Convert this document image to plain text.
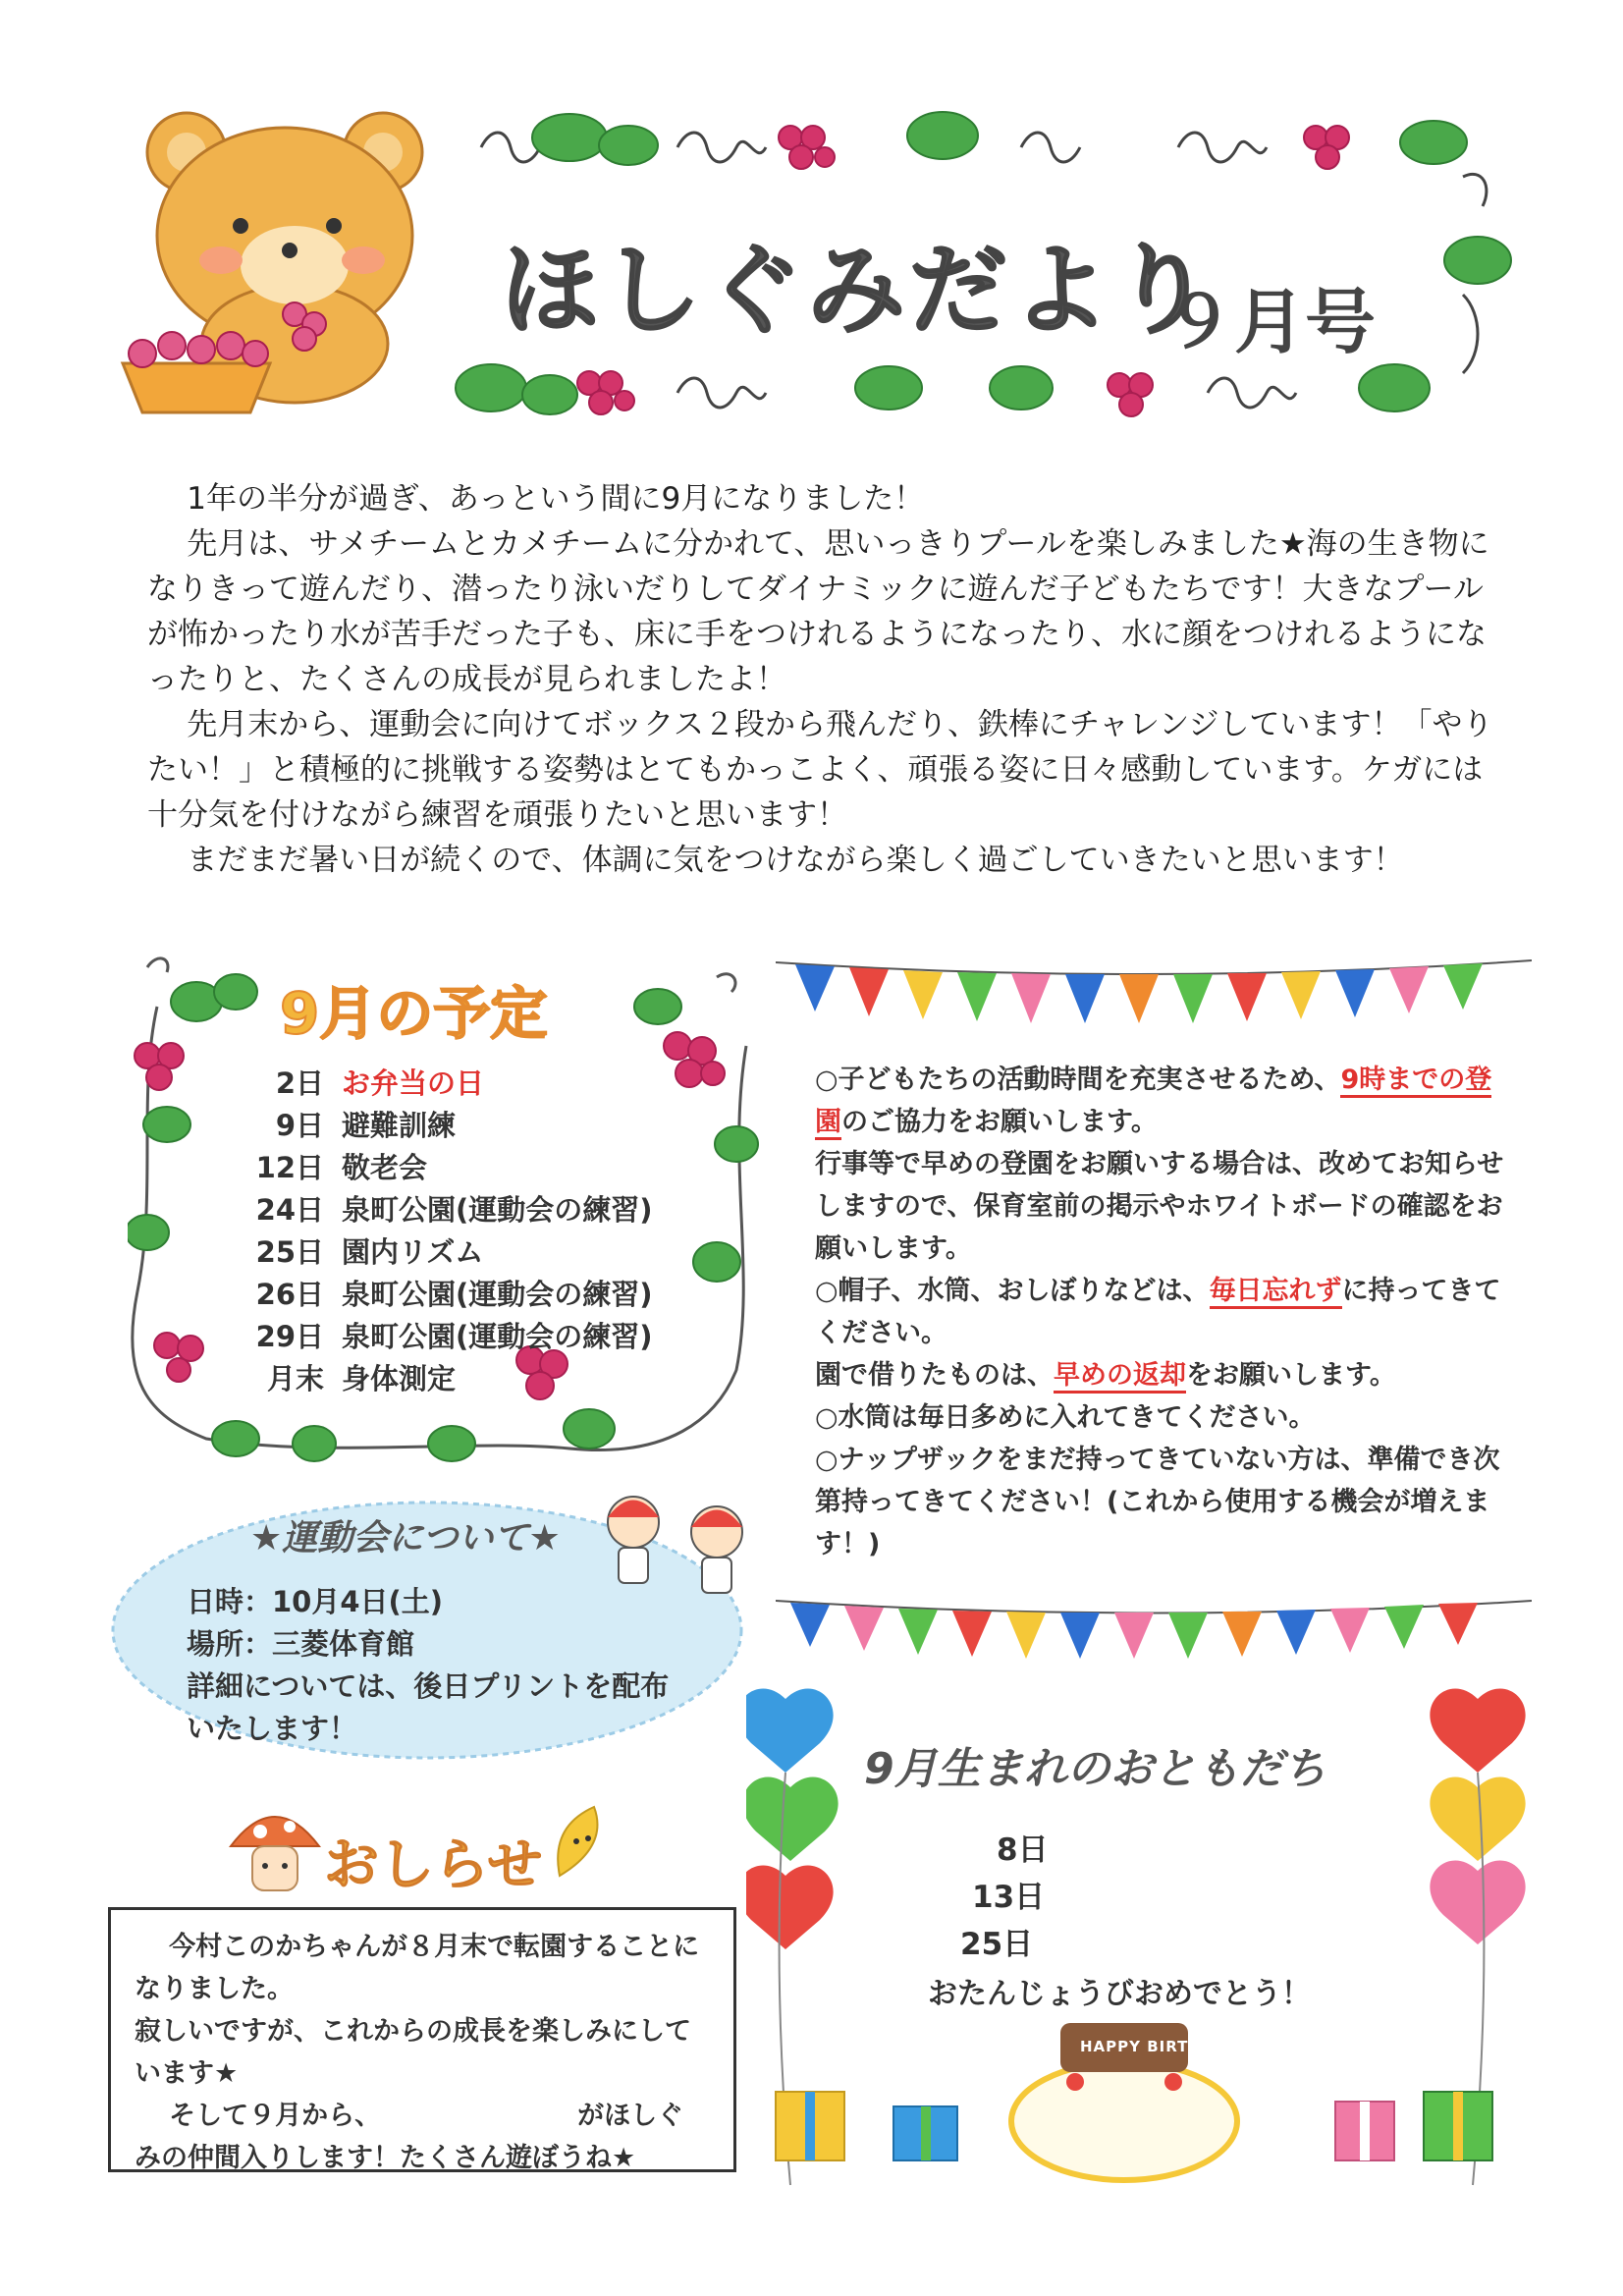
ほしぐみだより
９月号

1年の半分が過ぎ、あっという間に9月になりました！

先月は、サメチームとカメチームに分かれて、思いっきりプールを楽しみました★海の生き物になりきって遊んだり、潜ったり泳いだりしてダイナミックに遊んだ子どもたちです！大きなプールが怖かったり水が苦手だった子も、床に手をつけれるようになったり、水に顔をつけれるようになったりと、たくさんの成長が見られましたよ！

先月末から、運動会に向けてボックス２段から飛んだり、鉄棒にチャレンジしています！「やりたい！」と積極的に挑戦する姿勢はとてもかっこよく、頑張る姿に日々感動しています。ケガには十分気を付けながら練習を頑張りたいと思います！

まだまだ暑い日が続くので、体調に気をつけながら楽しく過ごしていきたいと思います！

9月の予定
2日 お弁当の日
9日 避難訓練
12日 敬老会
24日 泉町公園(運動会の練習)
25日 園内リズム
26日 泉町公園(運動会の練習)
29日 泉町公園(運動会の練習)
月末 身体測定

○子どもたちの活動時間を充実させるため、9時までの登園のご協力をお願いします。

行事等で早めの登園をお願いする場合は、改めてお知らせしますので、保育室前の掲示やホワイトボードの確認をお願いします。

○帽子、水筒、おしぼりなどは、毎日忘れずに持ってきてください。

園で借りたものは、早めの返却をお願いします。

○水筒は毎日多めに入れてきてください。

○ナップザックをまだ持ってきていない方は、準備でき次第持ってきてください！(これから使用する機会が増えます！)

★運動会について★

日時：10月4日(土)

場所：三菱体育館

詳細については、後日プリントを配布いたします！

おしらせ

今村このかちゃんが８月末で転園することになりました。

寂しいですが、これからの成長を楽しみにしています★

そして９月から、	がほしぐみの仲間入りします！たくさん遊ぼうね★

9月生まれのおともだち
8日
13日
25日
おたんじょうびおめでとう！
HAPPY BIRTHDAY
